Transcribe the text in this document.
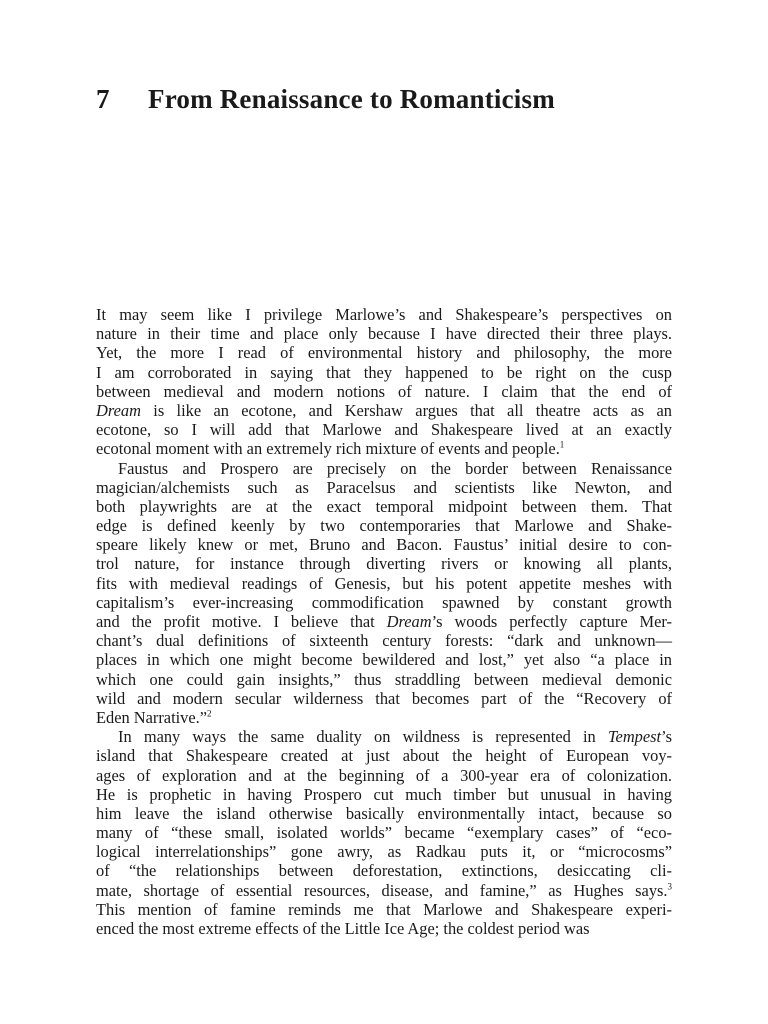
7 From Renaissance to Romanticism
It may seem like I privilege Marlowe’s and Shakespeare’s perspectives on
nature in their time and place only because I have directed their three plays.
Yet, the more I read of environmental history and philosophy, the more
I am corroborated in saying that they happened to be right on the cusp
between medieval and modern notions of nature. I claim that the end of
Dream is like an ecotone, and Kershaw argues that all theatre acts as an
ecotone, so I will add that Marlowe and Shakespeare lived at an exactly
ecotonal moment with an extremely rich mixture of events and people.$^1$
Faustus and Prospero are precisely on the border between Renaissance
magician/alchemists such as Paracelsus and scientists like Newton, and
both playwrights are at the exact temporal midpoint between them. That
edge is defined keenly by two contemporaries that Marlowe and Shake-
speare likely knew or met, Bruno and Bacon. Faustus’ initial desire to con-
trol nature, for instance through diverting rivers or knowing all plants,
fits with medieval readings of Genesis, but his potent appetite meshes with
capitalism’s ever-increasing commodification spawned by constant growth
and the profit motive. I believe that Dream’s woods perfectly capture Mer-
chant’s dual definitions of sixteenth century forests: “dark and unknown—
places in which one might become bewildered and lost,” yet also “a place in
which one could gain insights,” thus straddling between medieval demonic
wild and modern secular wilderness that becomes part of the “Recovery of
Eden Narrative.”$^2$
In many ways the same duality on wildness is represented in Tempest’s
island that Shakespeare created at just about the height of European voy-
ages of exploration and at the beginning of a 300-year era of colonization.
He is prophetic in having Prospero cut much timber but unusual in having
him leave the island otherwise basically environmentally intact, because so
many of “these small, isolated worlds” became “exemplary cases” of “eco-
logical interrelationships” gone awry, as Radkau puts it, or “microcosms”
of “the relationships between deforestation, extinctions, desiccating cli-
mate, shortage of essential resources, disease, and famine,” as Hughes says.$^3$
This mention of famine reminds me that Marlowe and Shakespeare experi-
enced the most extreme effects of the Little Ice Age; the coldest period was
